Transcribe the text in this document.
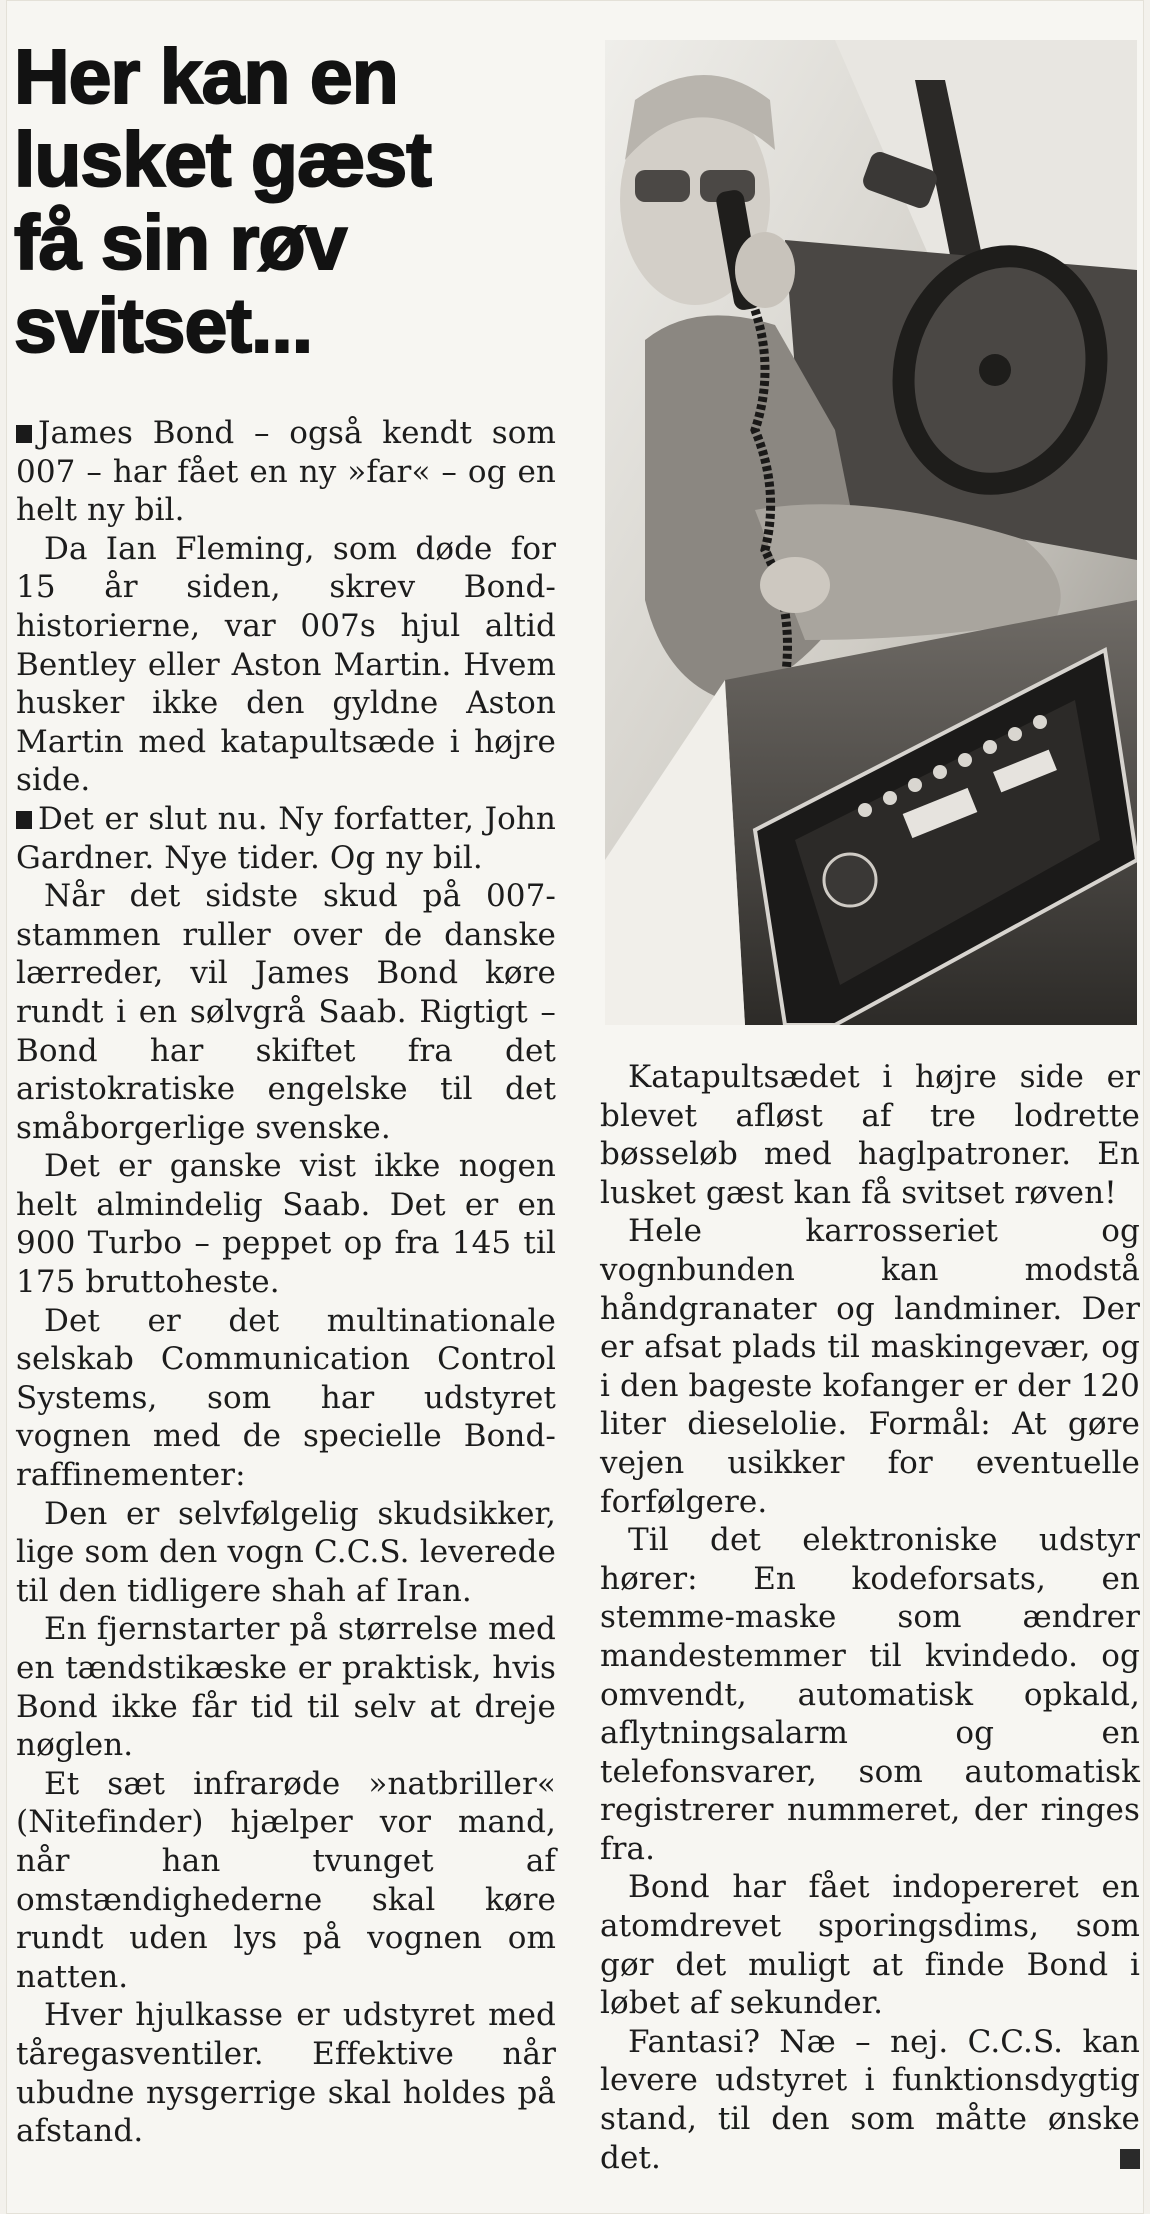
Her kan en
lusket gæst
få sin røv
svitset...

James Bond – også kendt som 007 – har fået en ny »far« – og en helt ny bil.

Da Ian Fleming, som døde for 15 år siden, skrev Bond-historierne, var 007s hjul altid Bentley eller Aston Martin. Hvem husker ikke den gyldne Aston Martin med katapultsæde i højre side.

Det er slut nu. Ny forfatter, John Gardner. Nye tider. Og ny bil.

Når det sidste skud på 007-stammen ruller over de danske lærreder, vil James Bond køre rundt i en sølvgrå Saab. Rigtigt – Bond har skiftet fra det aristokratiske engelske til det småborgerlige svenske.

Det er ganske vist ikke nogen helt almindelig Saab. Det er en 900 Turbo – peppet op fra 145 til 175 bruttoheste.

Det er det multinationale selskab Communication Control Systems, som har udstyret vognen med de specielle Bond-raffinementer:

Den er selvfølgelig skudsikker, lige som den vogn C.C.S. leverede til den tidligere shah af Iran.

En fjernstarter på størrelse med en tændstikæske er praktisk, hvis Bond ikke får tid til selv at dreje nøglen.

Et sæt infrarøde »natbriller« (Nitefinder) hjælper vor mand, når han tvunget af omstændighederne skal køre rundt uden lys på vognen om natten.

Hver hjulkasse er udstyret med tåregasventiler. Effektive når ubudne nysgerrige skal holdes på afstand.

Katapultsædet i højre side er blevet afløst af tre lodrette bøsseløb med haglpatroner. En lusket gæst kan få svitset røven!

Hele karrosseriet og vognbunden kan modstå håndgranater og landminer. Der er afsat plads til maskingevær, og i den bageste kofanger er der 120 liter dieselolie. Formål: At gøre vejen usikker for eventuelle forfølgere.

Til det elektroniske udstyr hører: En kodeforsats, en stemme-maske som ændrer mandestemmer til kvindedo. og omvendt, automatisk opkald, aflytningsalarm og en telefonsvarer, som automatisk registrerer nummeret, der ringes fra.

Bond har fået indopereret en atomdrevet sporingsdims, som gør det muligt at finde Bond i løbet af sekunder.

Fantasi? Næ – nej. C.C.S. kan levere udstyret i funktionsdygtig stand, til den som måtte ønske det.
